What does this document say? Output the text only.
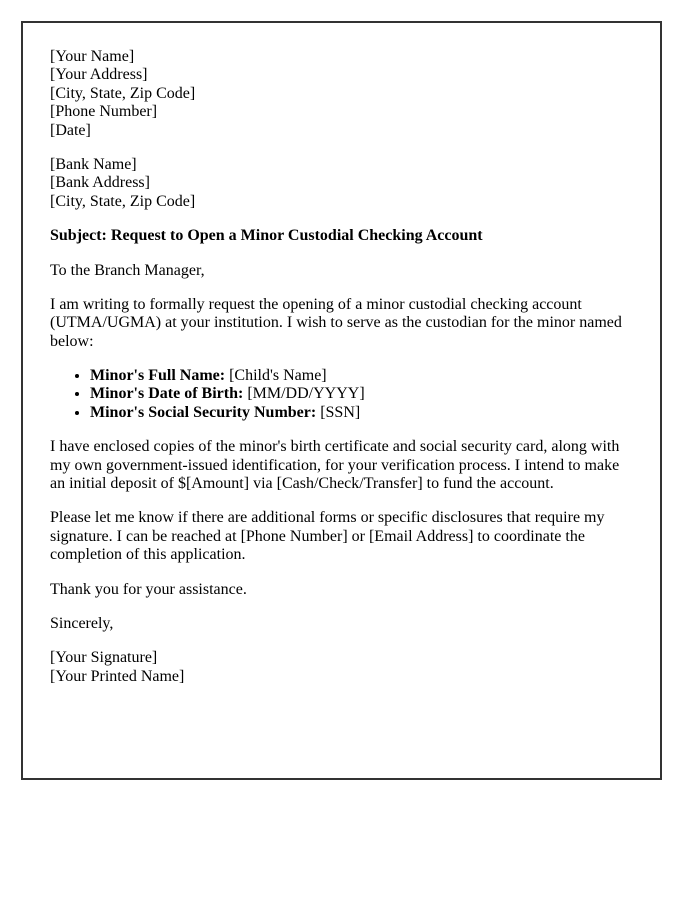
[Your Name]
[Your Address]
[City, State, Zip Code]
[Phone Number]
[Date]

[Bank Name]
[Bank Address]
[City, State, Zip Code]

Subject: Request to Open a Minor Custodial Checking Account

To the Branch Manager,

I am writing to formally request the opening of a minor custodial checking account (UTMA/UGMA) at your institution. I wish to serve as the custodian for the minor named below:

• Minor's Full Name: [Child's Name]
• Minor's Date of Birth: [MM/DD/YYYY]
• Minor's Social Security Number: [SSN]

I have enclosed copies of the minor's birth certificate and social security card, along with my own government-issued identification, for your verification process. I intend to make an initial deposit of $[Amount] via [Cash/Check/Transfer] to fund the account.

Please let me know if there are additional forms or specific disclosures that require my signature. I can be reached at [Phone Number] or [Email Address] to coordinate the completion of this application.

Thank you for your assistance.

Sincerely,

[Your Signature]
[Your Printed Name]
